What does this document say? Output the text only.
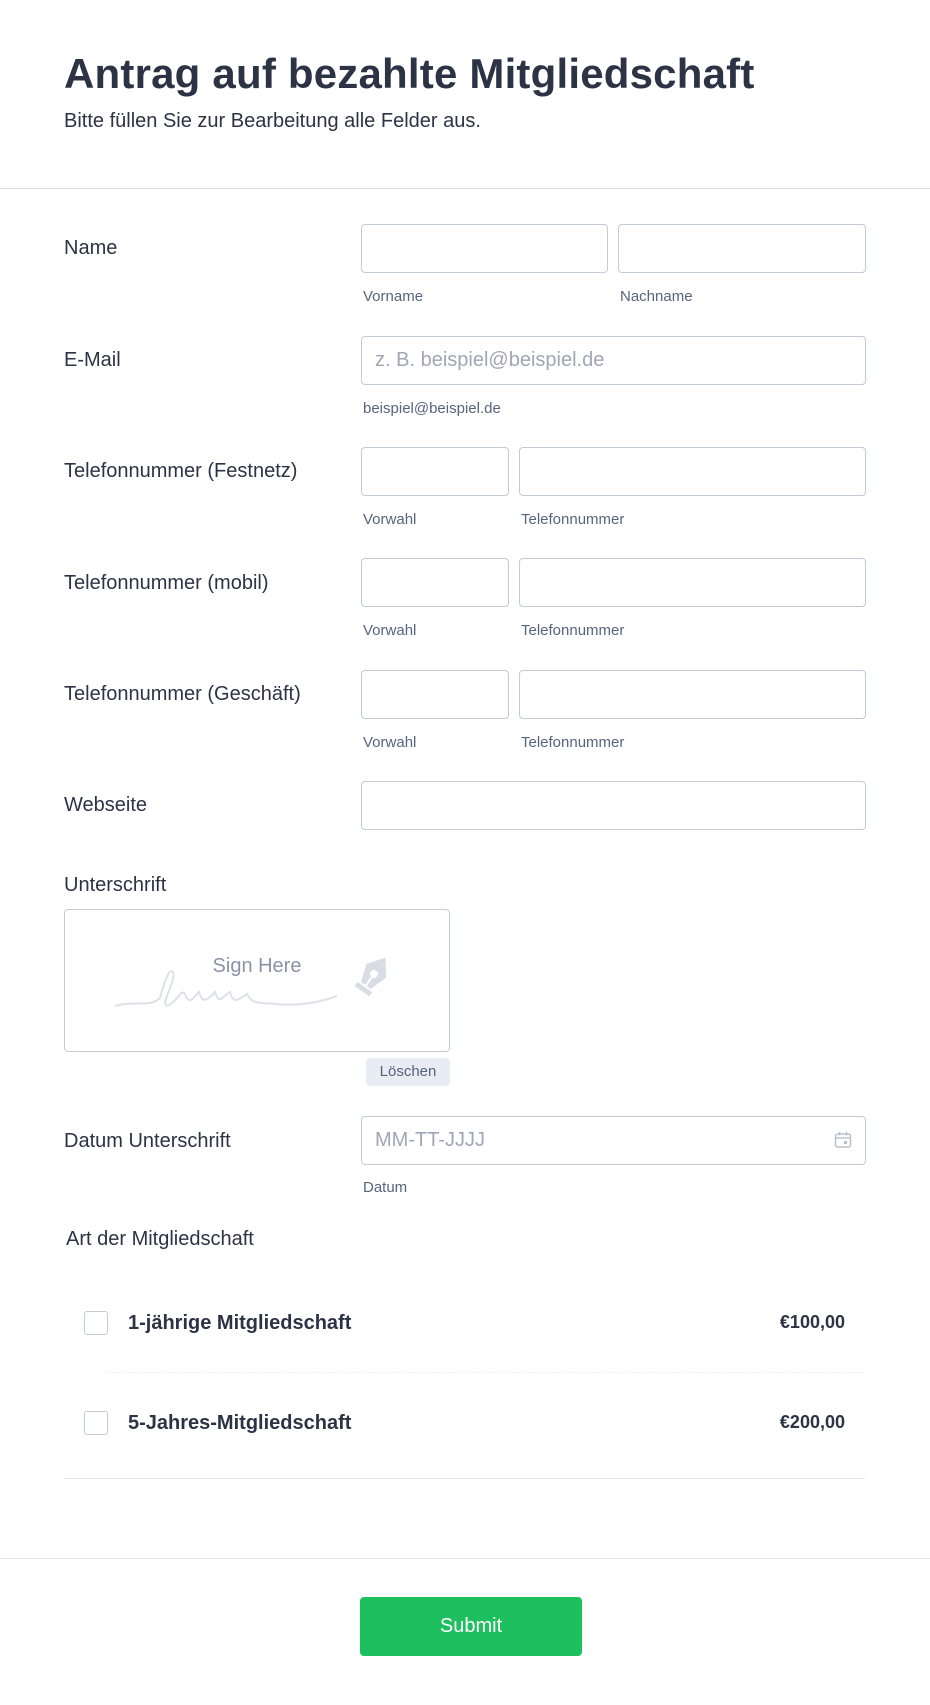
Antrag auf bezahlte Mitgliedschaft
Bitte füllen Sie zur Bearbeitung alle Felder aus.
Name
Vorname	Nachname
E-Mail	z. B. beispiel@beispiel.de
beispiel@beispiel.de
Telefonnummer (Festnetz)
Vorwahl	Telefonnummer
Telefonnummer (mobil)
Vorwahl	Telefonnummer
Telefonnummer (Geschäft)
Vorwahl	Telefonnummer
Webseite
Unterschrift
Sign Here
Löschen
Datum Unterschrift	MM-TT-JJJJ
Datum
Art der Mitgliedschaft
1-jährige Mitgliedschaft	€100,00
5-Jahres-Mitgliedschaft	€200,00
Submit
